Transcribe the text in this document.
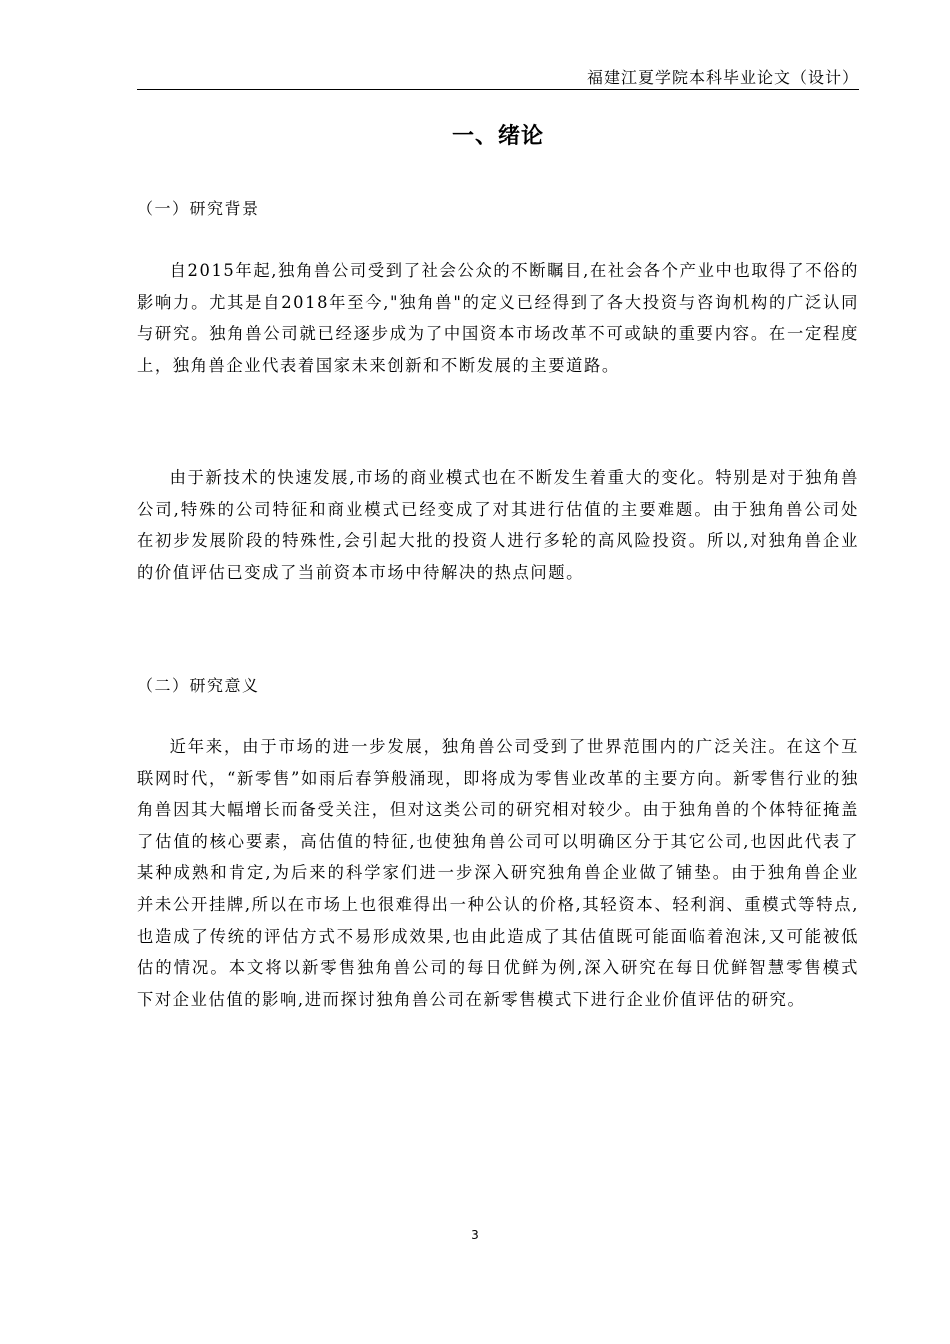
福建江夏学院本科毕业论文（设计）
一、绪论
（一）研究背景

自2015年起,独角兽公司受到了社会公众的不断瞩目,在社会各个产业中也取得了不俗的影响力。尤其是自2018年至今,"独角兽"的定义已经得到了各大投资与咨询机构的广泛认同与研究。独角兽公司就已经逐步成为了中国资本市场改革不可或缺的重要内容。在一定程度上，独角兽企业代表着国家未来创新和不断发展的主要道路。

由于新技术的快速发展,市场的商业模式也在不断发生着重大的变化。特别是对于独角兽公司,特殊的公司特征和商业模式已经变成了对其进行估值的主要难题。由于独角兽公司处在初步发展阶段的特殊性,会引起大批的投资人进行多轮的高风险投资。所以,对独角兽企业的价值评估已变成了当前资本市场中待解决的热点问题。

（二）研究意义

近年来，由于市场的进一步发展，独角兽公司受到了世界范围内的广泛关注。在这个互联网时代，“新零售”如雨后春笋般涌现，即将成为零售业改革的主要方向。新零售行业的独角兽因其大幅增长而备受关注，但对这类公司的研究相对较少。由于独角兽的个体特征掩盖了估值的核心要素，高估值的特征,也使独角兽公司可以明确区分于其它公司,也因此代表了某种成熟和肯定,为后来的科学家们进一步深入研究独角兽企业做了铺垫。由于独角兽企业并未公开挂牌,所以在市场上也很难得出一种公认的价格,其轻资本、轻利润、重模式等特点,也造成了传统的评估方式不易形成效果,也由此造成了其估值既可能面临着泡沫,又可能被低估的情况。本文将以新零售独角兽公司的每日优鲜为例,深入研究在每日优鲜智慧零售模式下对企业估值的影响,进而探讨独角兽公司在新零售模式下进行企业价值评估的研究。

3
